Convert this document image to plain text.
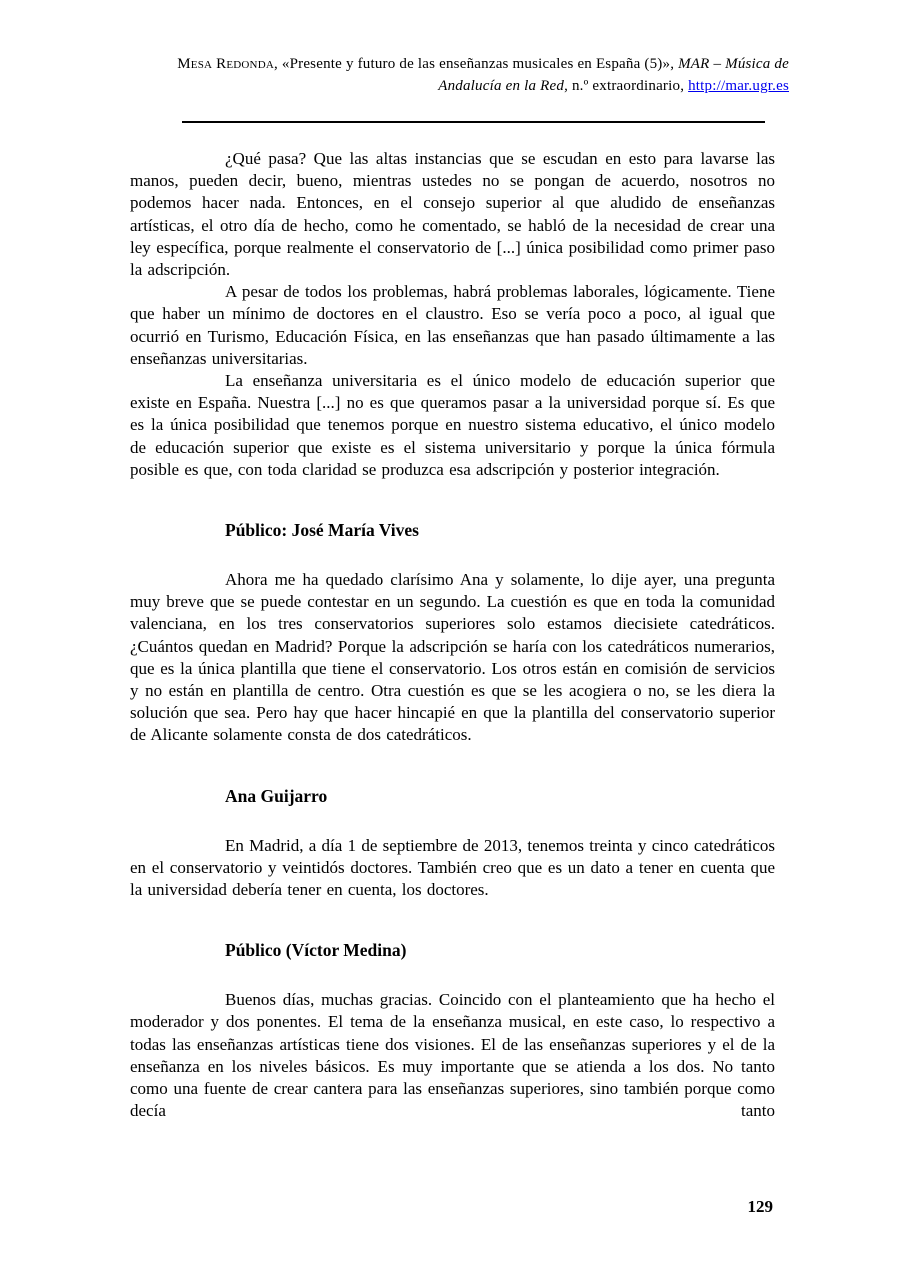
Mesa Redonda, «Presente y futuro de las enseñanzas musicales en España (5)», MAR – Música de Andalucía en la Red, n.º extraordinario, http://mar.ugr.es

¿Qué pasa? Que las altas instancias que se escudan en esto para lavarse las manos, pueden decir, bueno, mientras ustedes no se pongan de acuerdo, nosotros no podemos hacer nada. Entonces, en el consejo superior al que aludido de enseñanzas artísticas, el otro día de hecho, como he comentado, se habló de la necesidad de crear una ley específica, porque realmente el conservatorio de [...] única posibilidad como primer paso la adscripción.

A pesar de todos los problemas, habrá problemas laborales, lógicamente. Tiene que haber un mínimo de doctores en el claustro. Eso se vería poco a poco, al igual que ocurrió en Turismo, Educación Física, en las enseñanzas que han pasado últimamente a las enseñanzas universitarias.

La enseñanza universitaria es el único modelo de educación superior que existe en España. Nuestra [...] no es que queramos pasar a la universidad porque sí. Es que es la única posibilidad que tenemos porque en nuestro sistema educativo, el único modelo de educación superior que existe es el sistema universitario y porque la única fórmula posible es que, con toda claridad se produzca esa adscripción y posterior integración.

Público: José María Vives

Ahora me ha quedado clarísimo Ana y solamente, lo dije ayer, una pregunta muy breve que se puede contestar en un segundo. La cuestión es que en toda la comunidad valenciana, en los tres conservatorios superiores solo estamos diecisiete catedráticos. ¿Cuántos quedan en Madrid? Porque la adscripción se haría con los catedráticos numerarios, que es la única plantilla que tiene el conservatorio. Los otros están en comisión de servicios y no están en plantilla de centro. Otra cuestión es que se les acogiera o no, se les diera la solución que sea. Pero hay que hacer hincapié en que la plantilla del conservatorio superior de Alicante solamente consta de dos catedráticos.

Ana Guijarro

En Madrid, a día 1 de septiembre de 2013, tenemos treinta y cinco catedráticos en el conservatorio y veintidós doctores. También creo que es un dato a tener en cuenta que la universidad debería tener en cuenta, los doctores.

Público (Víctor Medina)

Buenos días, muchas gracias. Coincido con el planteamiento que ha hecho el moderador y dos ponentes. El tema de la enseñanza musical, en este caso, lo respectivo a todas las enseñanzas artísticas tiene dos visiones. El de las enseñanzas superiores y el de la enseñanza en los niveles básicos. Es muy importante que se atienda a los dos. No tanto como una fuente de crear cantera para las enseñanzas superiores, sino también porque como decía tanto

129
